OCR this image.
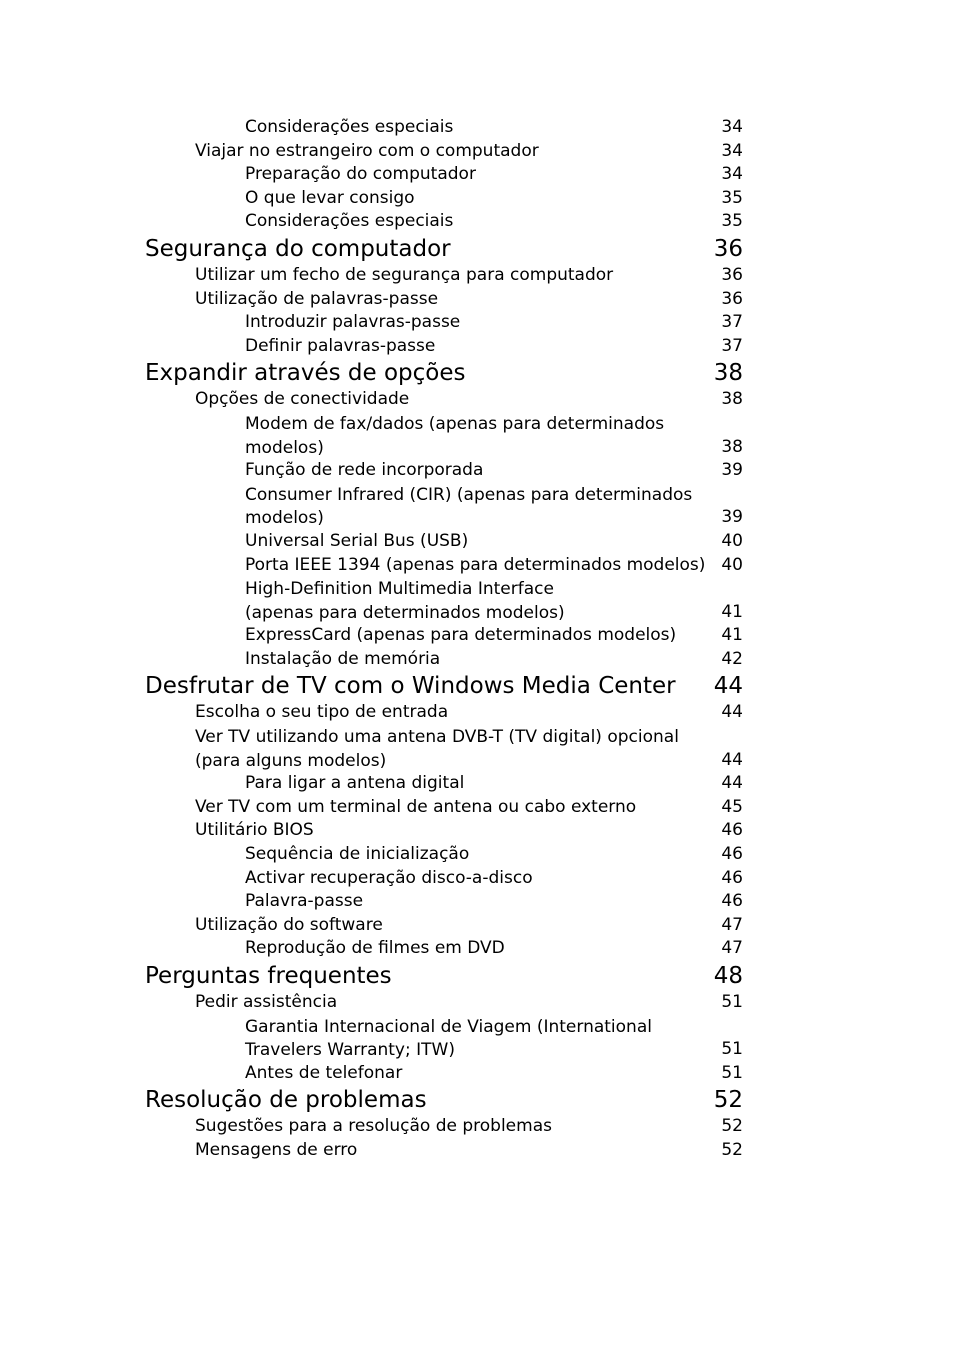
Considerações especiais	34
Viajar no estrangeiro com o computador	34
Preparação do computador	34
O que levar consigo	35
Considerações especiais	35
Segurança do computador	36
Utilizar um fecho de segurança para computador	36
Utilização de palavras-passe	36
Introduzir palavras-passe	37
Definir palavras-passe	37
Expandir através de opções	38
Opções de conectividade	38
Modem de fax/dados (apenas para determinados
modelos)	38
Função de rede incorporada	39
Consumer Infrared (CIR) (apenas para determinados
modelos)	39
Universal Serial Bus (USB)	40
Porta IEEE 1394 (apenas para determinados modelos) 40
High-Definition Multimedia Interface
(apenas para determinados modelos)	41
ExpressCard (apenas para determinados modelos)	41
Instalação de memória	42
Desfrutar de TV com o Windows Media Center 44
Escolha o seu tipo de entrada	44
Ver TV utilizando uma antena DVB-T (TV digital) opcional
(para alguns modelos)	44
Para ligar a antena digital	44
Ver TV com um terminal de antena ou cabo externo	45
Utilitário BIOS	46
Sequência de inicialização	46
Activar recuperação disco-a-disco	46
Palavra-passe	46
Utilização do software	47
Reprodução de filmes em DVD	47
Perguntas frequentes	48
Pedir assistência	51
Garantia Internacional de Viagem (International
Travelers Warranty; ITW)	51
Antes de telefonar	51
Resolução de problemas	52
Sugestões para a resolução de problemas	52
Mensagens de erro	52
